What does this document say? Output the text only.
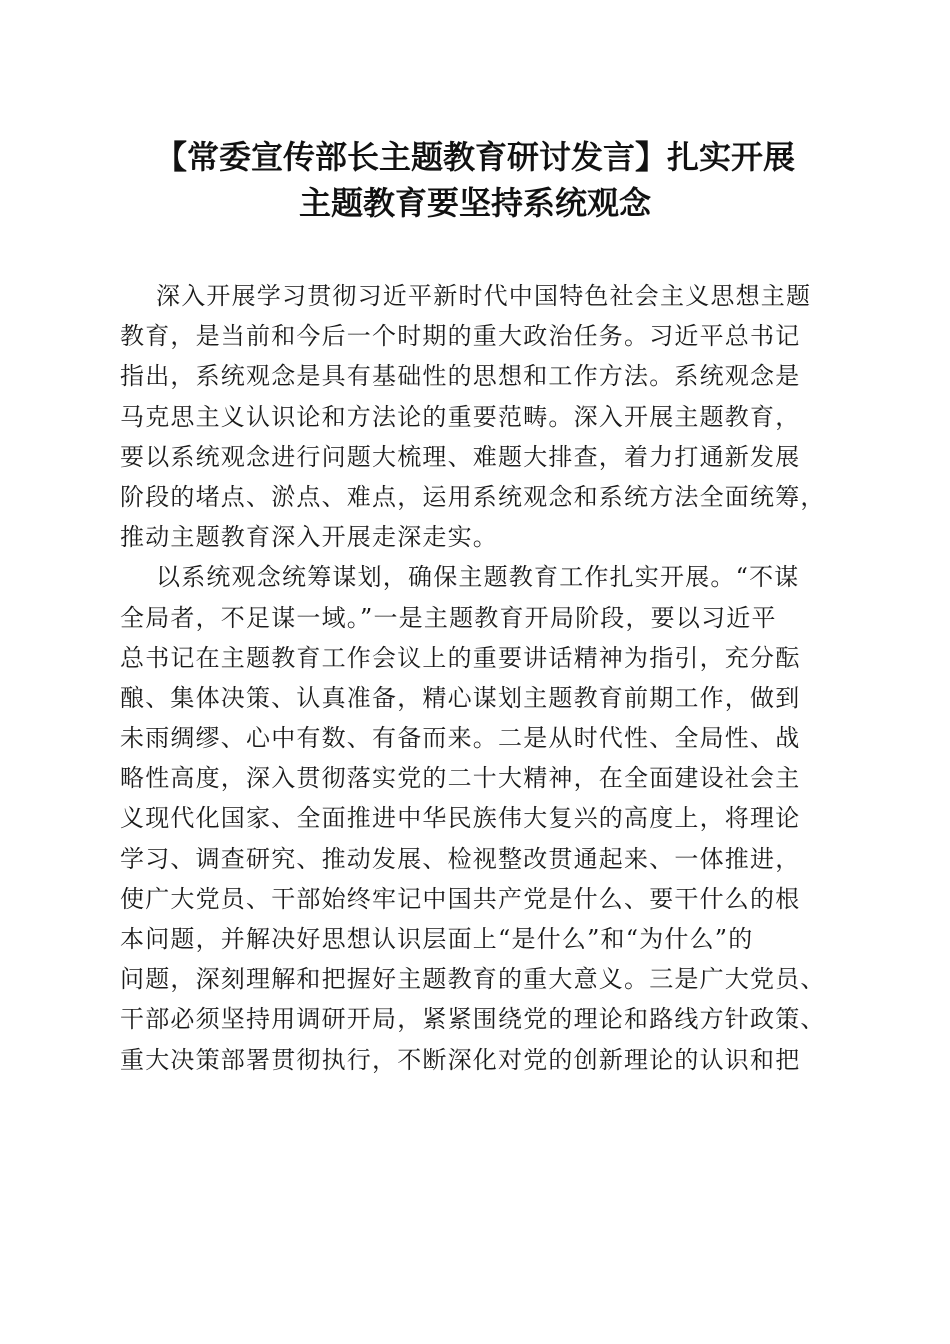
【常委宣传部长主题教育研讨发言】扎实开展
主题教育要坚持系统观念
深入开展学习贯彻习近平新时代中国特色社会主义思想主题
教育，是当前和今后一个时期的重大政治任务。习近平总书记
指出，系统观念是具有基础性的思想和工作方法。系统观念是
马克思主义认识论和方法论的重要范畴。深入开展主题教育，
要以系统观念进行问题大梳理、难题大排查，着力打通新发展
阶段的堵点、淤点、难点，运用系统观念和系统方法全面统筹，
推动主题教育深入开展走深走实。
以系统观念统筹谋划，确保主题教育工作扎实开展。“不谋
全局者，不足谋一域。”一是主题教育开局阶段，要以习近平
总书记在主题教育工作会议上的重要讲话精神为指引，充分酝
酿、集体决策、认真准备，精心谋划主题教育前期工作，做到
未雨绸缪、心中有数、有备而来。二是从时代性、全局性、战
略性高度，深入贯彻落实党的二十大精神，在全面建设社会主
义现代化国家、全面推进中华民族伟大复兴的高度上，将理论
学习、调查研究、推动发展、检视整改贯通起来、一体推进，
使广大党员、干部始终牢记中国共产党是什么、要干什么的根
本问题，并解决好思想认识层面上“是什么”和“为什么”的
问题，深刻理解和把握好主题教育的重大意义。三是广大党员、
干部必须坚持用调研开局，紧紧围绕党的理论和路线方针政策、
重大决策部署贯彻执行，不断深化对党的创新理论的认识和把
